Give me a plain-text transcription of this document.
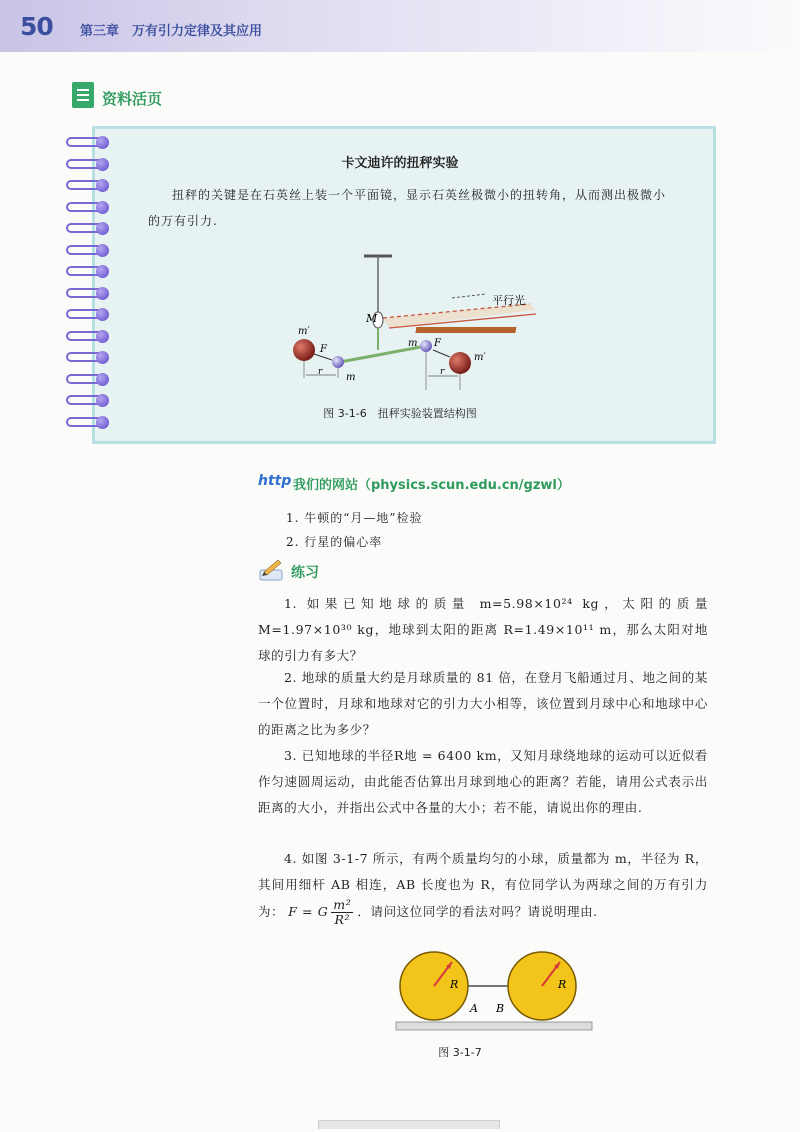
50 第三章　万有引力定律及其应用
资料活页
卡文迪许的扭秤实验
扭秤的关键是在石英丝上装一个平面镜，显示石英丝极微小的扭转角，从而测出极微小的万有引力.
M
m′
F
m
r
m F
m′
r
平行光
图 3-1-6　扭秤实验装置结构图
http 我们的网站（physics.scun.edu.cn/gzwl）
1. 牛顿的“月—地”检验
2. 行星的偏心率
练习
1. 如果已知地球的质量 m=5.98×10²⁴ kg，太阳的质量 M=1.97×10³⁰ kg，地球到太阳的距离 R=1.49×10¹¹ m，那么太阳对地球的引力有多大？
2. 地球的质量大约是月球质量的 81 倍，在登月飞船通过月、地之间的某一个位置时，月球和地球对它的引力大小相等，该位置到月球中心和地球中心的距离之比为多少？
3. 已知地球的半径R地 = 6400 km，又知月球绕地球的运动可以近似看作匀速圆周运动，由此能否估算出月球到地心的距离？若能，请用公式表示出距离的大小，并指出公式中各量的大小；若不能，请说出你的理由.
4. 如图 3-1-7 所示，有两个质量均匀的小球，质量都为 m，半径为 R，其间用细杆 AB 相连，AB 长度也为 R，有位同学认为两球之间的万有引力为： F = G $\frac{\text{m²}}{\text{R²}}$ ．请问这位同学的看法对吗？请说明理由.
R	R
A B
图 3-1-7
